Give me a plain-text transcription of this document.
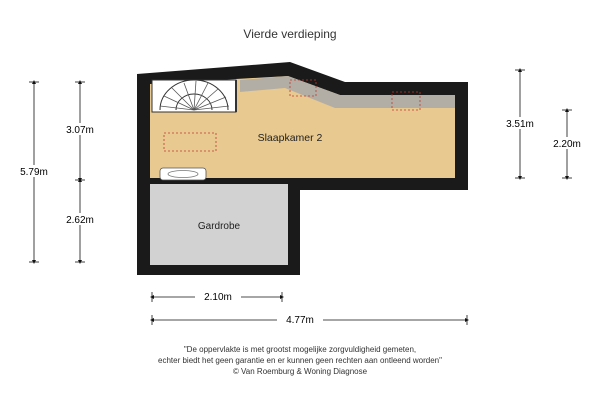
Vierde verdieping
Slaapkamer 2
Gardrobe
5.79m
3.07m
2.62m
3.51m
2.20m
2.10m
4.77m
"De oppervlakte is met grootst mogelijke zorgvuldigheid gemeten,
echter biedt het geen garantie en er kunnen geen rechten aan ontleend worden"
© Van Roemburg & Woning Diagnose
